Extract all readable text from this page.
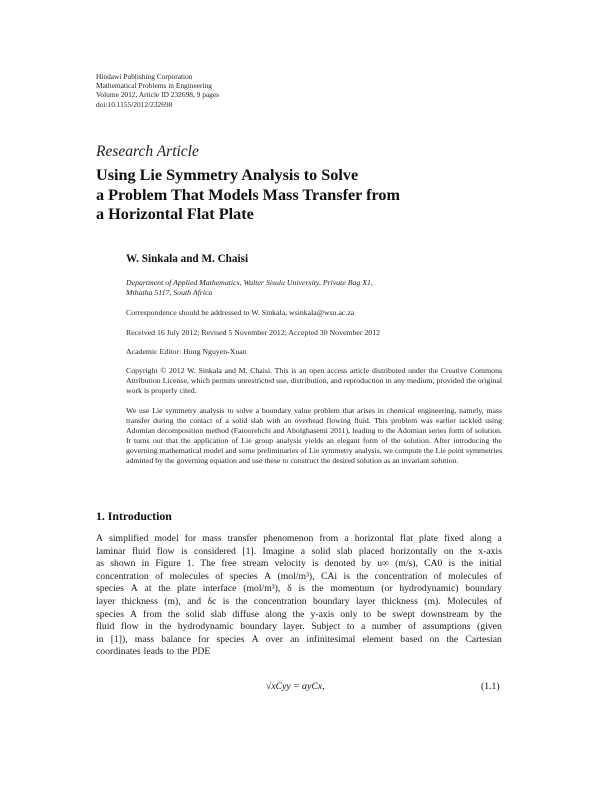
Hindawi Publishing Corporation
Mathematical Problems in Engineering
Volume 2012, Article ID 232698, 9 pages
doi:10.1155/2012/232698
Research Article
Using Lie Symmetry Analysis to Solve
a Problem That Models Mass Transfer from
a Horizontal Flat Plate
W. Sinkala and M. Chaisi
Department of Applied Mathematics, Walter Sisulu University, Private Bag X1,
Mthatha 5117, South Africa
Correspondence should be addressed to W. Sinkala, wsinkala@wsu.ac.za
Received 16 July 2012; Revised 5 November 2012; Accepted 30 November 2012
Academic Editor: Hung Nguyen-Xuan
Copyright © 2012 W. Sinkala and M. Chaisi. This is an open access article distributed under the Creative Commons Attribution License, which permits unrestricted use, distribution, and reproduction in any medium, provided the original work is properly cited.
We use Lie symmetry analysis to solve a boundary value problem that arises in chemical engineering, namely, mass transfer during the contact of a solid slab with an overhead flowing fluid. This problem was earlier tackled using Adomian decomposition method (Fatoorehchi and Abolghasemi 2011), leading to the Adomian series form of solution. It turns out that the application of Lie group analysis yields an elegant form of the solution. After introducing the governing mathematical model and some preliminaries of Lie symmetry analysis, we compute the Lie point symmetries admitted by the governing equation and use these to construct the desired solution as an invariant solution.
1. Introduction
A simplified model for mass transfer phenomenon from a horizontal flat plate fixed along a
laminar fluid flow is considered [1]. Imagine a solid slab placed horizontally on the x-axis
as shown in Figure 1. The free stream velocity is denoted by u∞ (m/s), CA0 is the initial
concentration of molecules of species A (mol/m³), CAi is the concentration of molecules of
species A at the plate interface (mol/m³), δ is the momentum (or hydrodynamic) boundary
layer thickness (m), and δc is the concentration boundary layer thickness (m). Molecules of
species A from the solid slab diffuse along the y-axis only to be swept downstream by the
fluid flow in the hydrodynamic boundary layer. Subject to a number of assumptions (given
in [1]), mass balance for species A over an infinitesimal element based on the Cartesian
coordinates leads to the PDE
√xCyy = αyCx,	(1.1)
